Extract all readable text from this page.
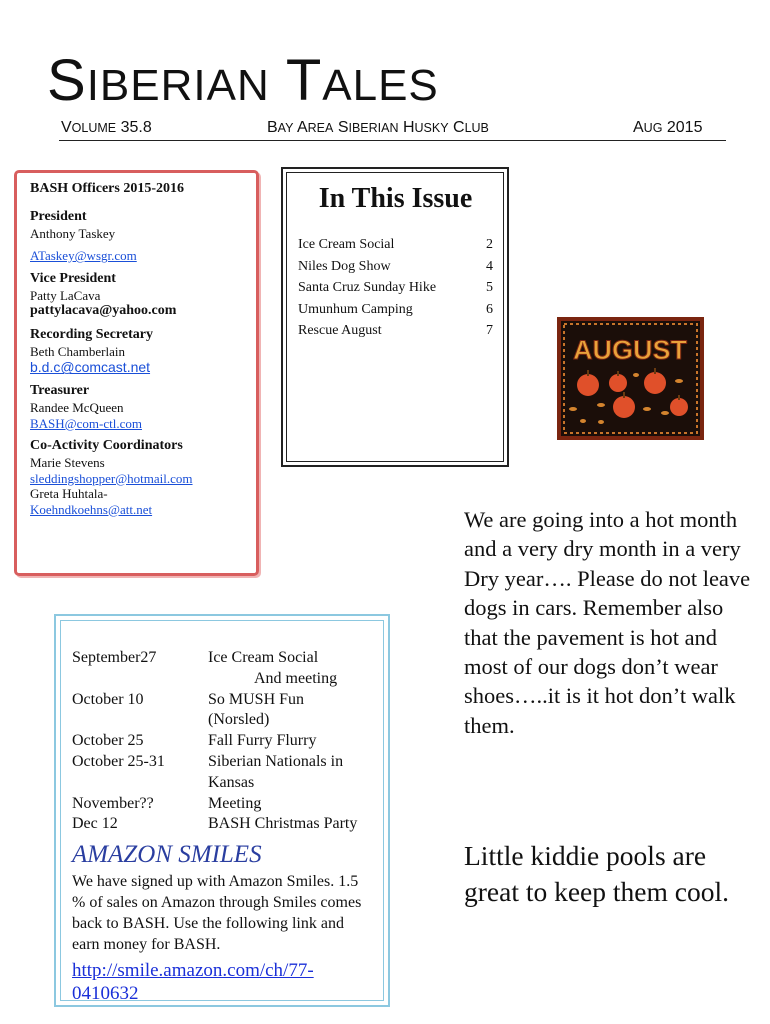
SIBERIAN TALES
VOLUME 35.8	BAY AREA SIBERIAN HUSKY CLUB	AUG 2015
BASH Officers 2015-2016
President
Anthony Taskey
ATaskey@wsgr.com
Vice President
Patty LaCava
pattylacava@yahoo.com
Recording Secretary
Beth Chamberlain
b.d.c@comcast.net
Treasurer
Randee McQueen
BASH@com-ctl.com
Co-Activity Coordinators
Marie Stevens
sleddingshopper@hotmail.com
Greta Huhtala-
Koehndkoehns@att.net
In This Issue
Ice Cream Social	2
Niles Dog Show	4
Santa Cruz Sunday Hike	5
Umunhum Camping	6
Rescue August	7
AUGUST
We are going into a hot month and a very dry month in a very Dry year…. Please do not leave dogs in cars. Remember also that the pavement is hot and most of our dogs don’t wear shoes…..it is it hot don’t walk them.
Little kiddie pools are great to keep them cool.
September27	Ice Cream Social
And meeting
October 10	So MUSH Fun
(Norsled)
October 25	Fall Furry Flurry
October 25-31	Siberian Nationals in
Kansas
November??	Meeting
Dec 12	BASH Christmas Party
AMAZON SMILES
We have signed up with Amazon Smiles. 1.5 % of sales on Amazon through Smiles comes back to BASH. Use the following link and earn money for BASH.
http://smile.amazon.com/ch/77-0410632
